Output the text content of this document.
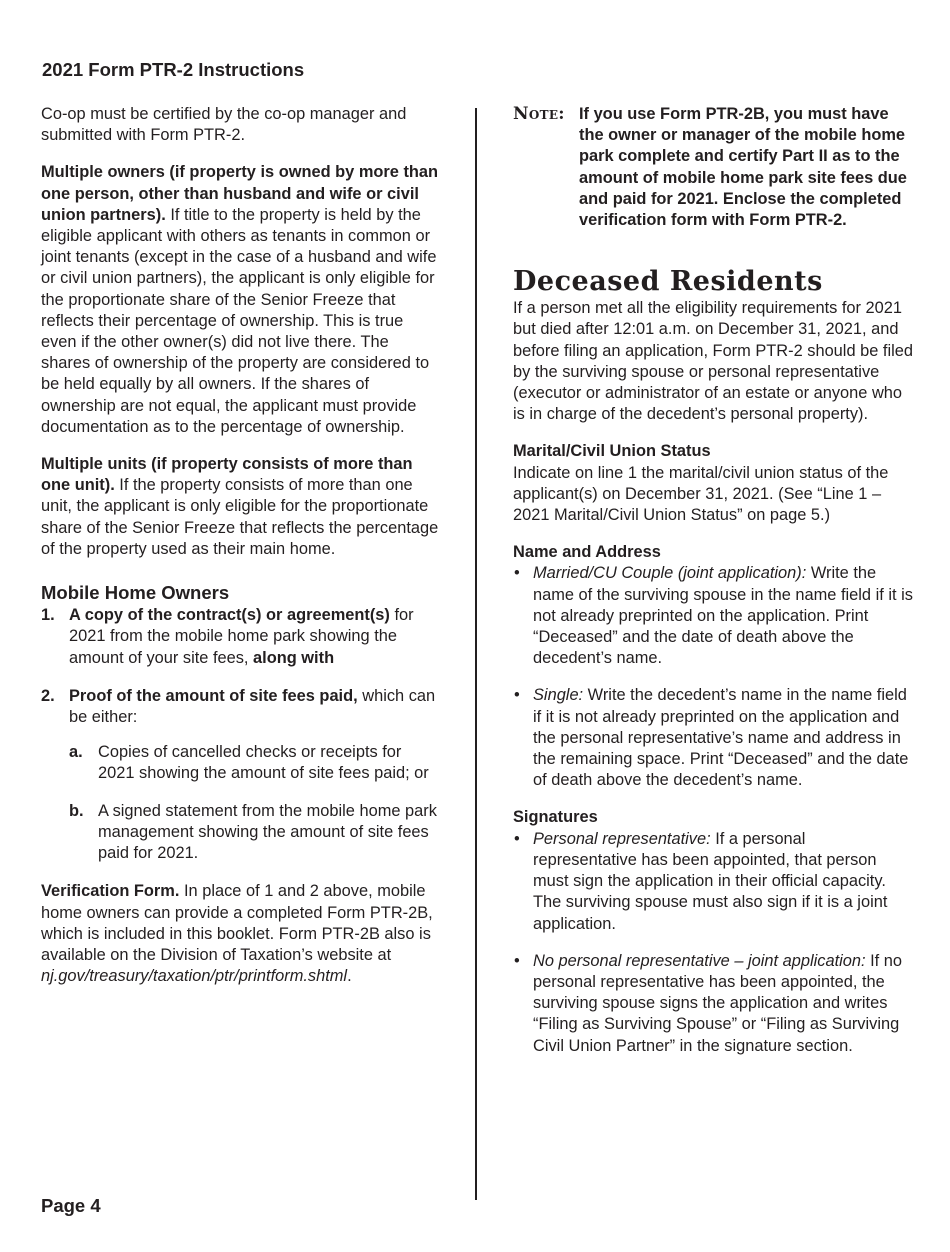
2021 Form PTR-2 Instructions

Co-op must be certified by the co-op manager and submitted with Form PTR-2.

Multiple owners (if property is owned by more than one person, other than husband and wife or civil union partners). If title to the property is held by the eligible applicant with others as tenants in common or joint tenants (except in the case of a husband and wife or civil union partners), the applicant is only eligible for the proportionate share of the Senior Freeze that reflects their percentage of ownership. This is true even if the other owner(s) did not live there. The shares of ownership of the property are considered to be held equally by all owners. If the shares of ownership are not equal, the applicant must provide documentation as to the percentage of ownership.

Multiple units (if property consists of more than one unit). If the property consists of more than one unit, the applicant is only eligible for the proportionate share of the Senior Freeze that reflects the percentage of the property used as their main home.

Mobile Home Owners
1. A copy of the contract(s) or agreement(s) for 2021 from the mobile home park showing the amount of your site fees, along with
2. Proof of the amount of site fees paid, which can be either:
a. Copies of cancelled checks or receipts for 2021 showing the amount of site fees paid; or
b. A signed statement from the mobile home park management showing the amount of site fees paid for 2021.

Verification Form. In place of 1 and 2 above, mobile home owners can provide a completed Form PTR-2B, which is included in this booklet. Form PTR-2B also is available on the Division of Taxation’s website at nj.gov/treasury/taxation/ptr/printform.shtml.

Note: If you use Form PTR-2B, you must have the owner or manager of the mobile home park complete and certify Part II as to the amount of mobile home park site fees due and paid for 2021. Enclose the completed verification form with Form PTR-2.
Deceased Residents

If a person met all the eligibility requirements for 2021 but died after 12:01 a.m. on December 31, 2021, and before filing an application, Form PTR-2 should be filed by the surviving spouse or personal representative (executor or administrator of an estate or anyone who is in charge of the decedent’s personal property).

Marital/Civil Union Status

Indicate on line 1 the marital/civil union status of the applicant(s) on December 31, 2021. (See “Line 1 – 2021 Marital/Civil Union Status” on page 5.)

Name and Address
• Married/CU Couple (joint application): Write the name of the surviving spouse in the name field if it is not already preprinted on the application. Print “Deceased” and the date of death above the decedent’s name.
• Single: Write the decedent’s name in the name field if it is not already preprinted on the application and the personal representative’s name and address in the remaining space. Print “Deceased” and the date of death above the decedent’s name.
Signatures
• Personal representative: If a personal representative has been appointed, that person must sign the application in their official capacity. The surviving spouse must also sign if it is a joint application.
• No personal representative – joint application: If no personal representative has been appointed, the surviving spouse signs the application and writes “Filing as Surviving Spouse” or “Filing as Surviving Civil Union Partner” in the signature section.
Page 4
